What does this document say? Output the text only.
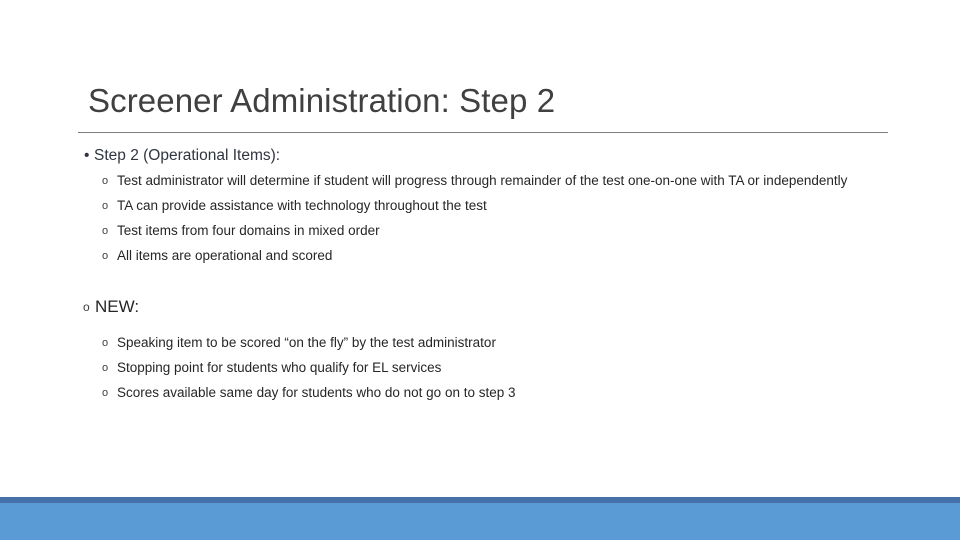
Screener Administration: Step 2
• Step 2 (Operational Items):
o Test administrator will determine if student will progress through remainder of the test one-on-one with TA or independently
o TA can provide assistance with technology throughout the test
o Test items from four domains in mixed order
o All items are operational and scored
o NEW:
o Speaking item to be scored “on the fly” by the test administrator
o Stopping point for students who qualify for EL services
o Scores available same day for students who do not go on to step 3
